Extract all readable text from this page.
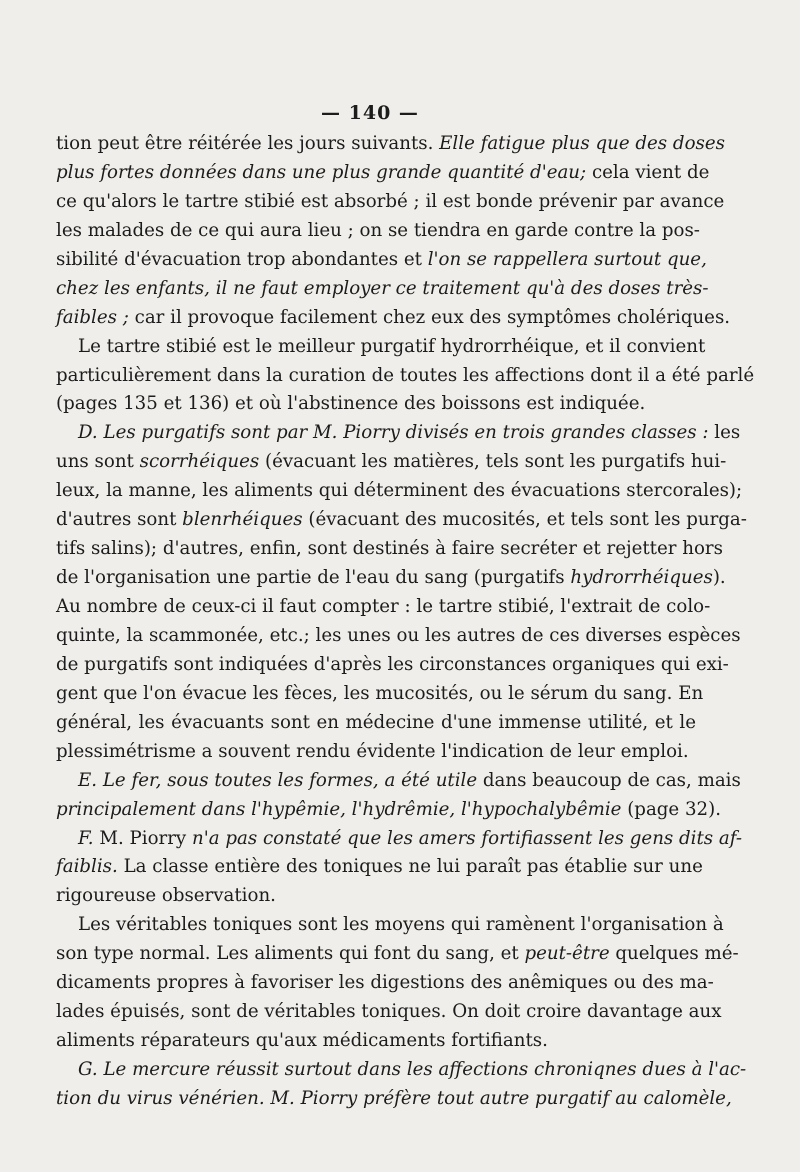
— 140 —
tion peut être réitérée les jours suivants. Elle fatigue plus que des doses
plus fortes données dans une plus grande quantité d'eau; cela vient de
ce qu'alors le tartre stibié est absorbé ; il est bonde prévenir par avance
les malades de ce qui aura lieu ; on se tiendra en garde contre la pos-
sibilité d'évacuation trop abondantes et l'on se rappellera surtout que,
chez les enfants, il ne faut employer ce traitement qu'à des doses très-
faibles ; car il provoque facilement chez eux des symptômes cholériques.
Le tartre stibié est le meilleur purgatif hydrorrhéique, et il convient
particulièrement dans la curation de toutes les affections dont il a été parlé
(pages 135 et 136) et où l'abstinence des boissons est indiquée.
D. Les purgatifs sont par M. Piorry divisés en trois grandes classes : les
uns sont scorrhéiques (évacuant les matières, tels sont les purgatifs hui-
leux, la manne, les aliments qui déterminent des évacuations stercorales);
d'autres sont blenrhéiques (évacuant des mucosités, et tels sont les purga-
tifs salins); d'autres, enfin, sont destinés à faire secréter et rejetter hors
de l'organisation une partie de l'eau du sang (purgatifs hydrorrhéiques).
Au nombre de ceux-ci il faut compter : le tartre stibié, l'extrait de colo-
quinte, la scammonée, etc.; les unes ou les autres de ces diverses espèces
de purgatifs sont indiquées d'après les circonstances organiques qui exi-
gent que l'on évacue les fèces, les mucosités, ou le sérum du sang. En
général, les évacuants sont en médecine d'une immense utilité, et le
plessimétrisme a souvent rendu évidente l'indication de leur emploi.
E. Le fer, sous toutes les formes, a été utile dans beaucoup de cas, mais
principalement dans l'hypêmie, l'hydrêmie, l'hypochalybêmie (page 32).
F. M. Piorry n'a pas constaté que les amers fortifiassent les gens dits af-
faiblis. La classe entière des toniques ne lui paraît pas établie sur une
rigoureuse observation.
Les véritables toniques sont les moyens qui ramènent l'organisation à
son type normal. Les aliments qui font du sang, et peut-être quelques mé-
dicaments propres à favoriser les digestions des anêmiques ou des ma-
lades épuisés, sont de véritables toniques. On doit croire davantage aux
aliments réparateurs qu'aux médicaments fortifiants.
G. Le mercure réussit surtout dans les affections chroniqnes dues à l'ac-
tion du virus vénérien. M. Piorry préfère tout autre purgatif au calomèle,
